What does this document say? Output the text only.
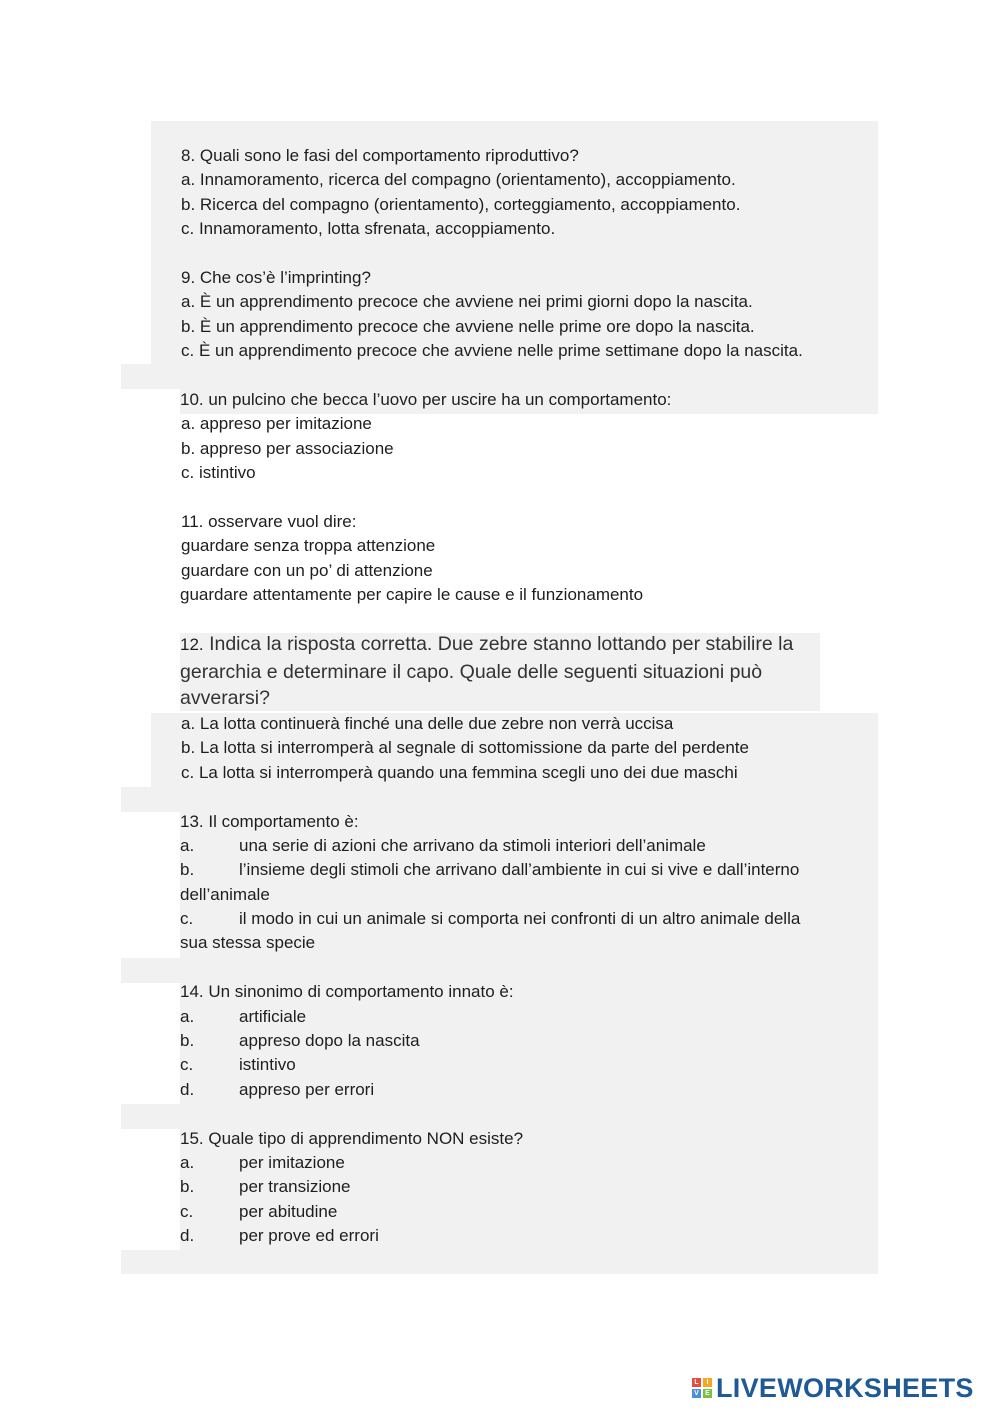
8. Quali sono le fasi del comportamento riproduttivo?
a. Innamoramento, ricerca del compagno (orientamento), accoppiamento.
b. Ricerca del compagno (orientamento), corteggiamento, accoppiamento.
c. Innamoramento, lotta sfrenata, accoppiamento.
9. Che cos’è l’imprinting?
a. È un apprendimento precoce che avviene nei primi giorni dopo la nascita.
b. È un apprendimento precoce che avviene nelle prime ore dopo la nascita.
c. È un apprendimento precoce che avviene nelle prime settimane dopo la nascita.
10. un pulcino che becca l’uovo per uscire ha un comportamento:
a. appreso per imitazione
b. appreso per associazione
c. istintivo
11. osservare vuol dire:
guardare senza troppa attenzione
guardare con un po’ di attenzione
guardare attentamente per capire le cause e il funzionamento
12. Indica la risposta corretta. Due zebre stanno lottando per stabilire la gerarchia e determinare il capo. Quale delle seguenti situazioni può avverarsi?
a. La lotta continuerà finché una delle due zebre non verrà uccisa
b. La lotta si interromperà al segnale di sottomissione da parte del perdente
c. La lotta si interromperà quando una femmina scegli uno dei due maschi
13. Il comportamento è:
a.	una serie di azioni che arrivano da stimoli interiori dell’animale
b.	l’insieme degli stimoli che arrivano dall’ambiente in cui si vive e dall’interno
dell’animale
c.	il modo in cui un animale si comporta nei confronti di un altro animale della
sua stessa specie
14. Un sinonimo di comportamento innato è:
a.	artificiale
b.	appreso dopo la nascita
c.	istintivo
d.	appreso per errori
15. Quale tipo di apprendimento NON esiste?
a.	per imitazione
b.	per transizione
c.	per abitudine
d.	per prove ed errori
L	I
V E LIVEWORKSHEETS
